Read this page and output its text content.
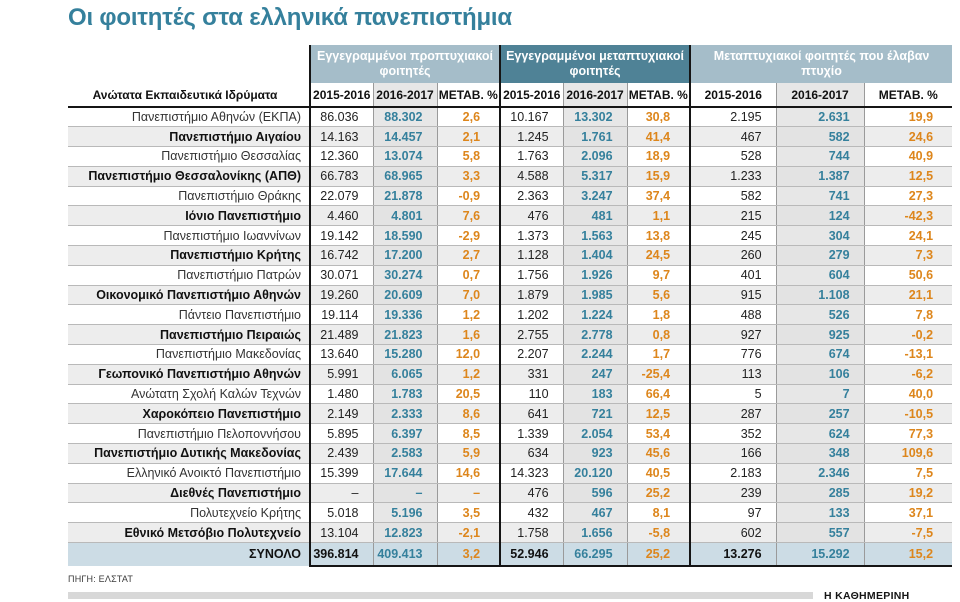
Οι φοιτητές στα ελληνικά πανεπιστήμια
	Εγγεγραμμένοι προπτυχιακοί φοιτητές			Εγγεγραμμένοι μεταπτυχιακοί φοιτητές			Μεταπτυχιακοί φοιτητές που έλαβαν πτυχίο		
Ανώτατα Εκπαιδευτικά Ιδρύματα	2015-2016	2016-2017	ΜΕΤΑΒ. %	2015-2016	2016-2017	ΜΕΤΑΒ. %	2015-2016	2016-2017	ΜΕΤΑΒ. %
Πανεπιστήμιο Αθηνών (ΕΚΠΑ)	86.036	88.302	2,6	10.167	13.302	30,8	2.195	2.631	19,9
Πανεπιστήμιο Αιγαίου	14.163	14.457	2,1	1.245	1.761	41,4	467	582	24,6
Πανεπιστήμιο Θεσσαλίας	12.360	13.074	5,8	1.763	2.096	18,9	528	744	40,9
Πανεπιστήμιο Θεσσαλονίκης (ΑΠΘ)	66.783	68.965	3,3	4.588	5.317	15,9	1.233	1.387	12,5
Πανεπιστήμιο Θράκης	22.079	21.878	-0,9	2.363	3.247	37,4	582	741	27,3
Ιόνιο Πανεπιστήμιο	4.460	4.801	7,6	476	481	1,1	215	124	-42,3
Πανεπιστήμιο Ιωαννίνων	19.142	18.590	-2,9	1.373	1.563	13,8	245	304	24,1
Πανεπιστήμιο Κρήτης	16.742	17.200	2,7	1.128	1.404	24,5	260	279	7,3
Πανεπιστήμιο Πατρών	30.071	30.274	0,7	1.756	1.926	9,7	401	604	50,6
Οικονομικό Πανεπιστήμιο Αθηνών	19.260	20.609	7,0	1.879	1.985	5,6	915	1.108	21,1
Πάντειο Πανεπιστήμιο	19.114	19.336	1,2	1.202	1.224	1,8	488	526	7,8
Πανεπιστήμιο Πειραιώς	21.489	21.823	1,6	2.755	2.778	0,8	927	925	-0,2
Πανεπιστήμιο Μακεδονίας	13.640	15.280	12,0	2.207	2.244	1,7	776	674	-13,1
Γεωπονικό Πανεπιστήμιο Αθηνών	5.991	6.065	1,2	331	247	-25,4	113	106	-6,2
Ανώτατη Σχολή Καλών Τεχνών	1.480	1.783	20,5	110	183	66,4	5	7	40,0
Χαροκόπειο Πανεπιστήμιο	2.149	2.333	8,6	641	721	12,5	287	257	-10,5
Πανεπιστήμιο Πελοποννήσου	5.895	6.397	8,5	1.339	2.054	53,4	352	624	77,3
Πανεπιστήμιο Δυτικής Μακεδονίας	2.439	2.583	5,9	634	923	45,6	166	348	109,6
Ελληνικό Ανοικτό Πανεπιστήμιο	15.399	17.644	14,6	14.323	20.120	40,5	2.183	2.346	7,5
Διεθνές Πανεπιστήμιο	–	–	–	476	596	25,2	239	285	19,2
Πολυτεχνείο Κρήτης	5.018	5.196	3,5	432	467	8,1	97	133	37,1
Εθνικό Μετσόβιο Πολυτεχνείο	13.104	12.823	-2,1	1.758	1.656	-5,8	602	557	-7,5
ΣΥΝΟΛΟ	396.814	409.413	3,2	52.946	66.295	25,2	13.276	15.292	15,2
ΠΗΓΗ: ΕΛΣΤΑΤ
Η ΚΑΘΗΜΕΡΙΝΗ
